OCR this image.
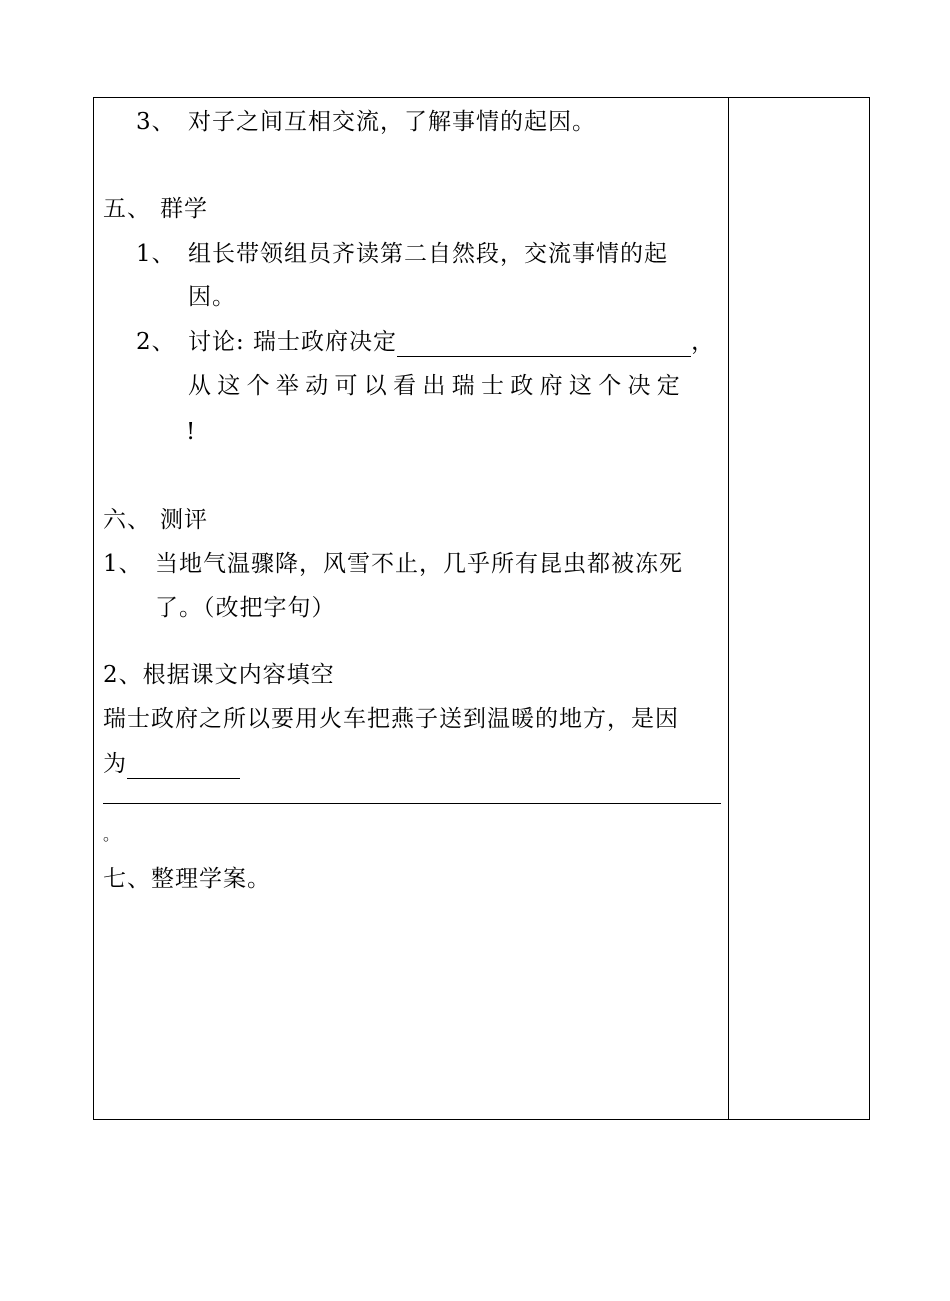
3、 对子之间互相交流，了解事情的起因。
五、 群学
1、 组长带领组员齐读第二自然段，交流事情的起
因。
2、 讨论: 瑞士政府决定	，
从这个举动可以看出瑞士政府这个决定
!
六、 测评
1、 当地气温骤降，风雪不止，几乎所有昆虫都被冻死
了。（改把字句）
2、根据课文内容填空
瑞士政府之所以要用火车把燕子送到温暖的地方，是因
为
。
七、整理学案。
